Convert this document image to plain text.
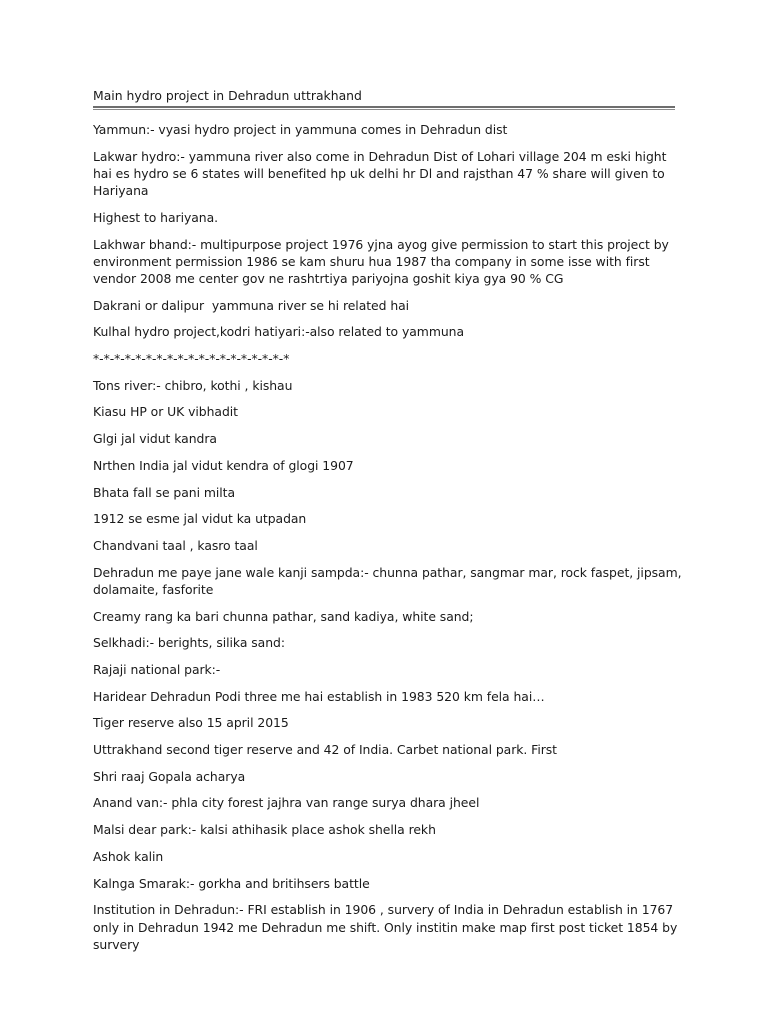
Main hydro project in Dehradun uttrakhand

Yammun:- vyasi hydro project in yammuna comes in Dehradun dist

Lakwar hydro:- yammuna river also come in Dehradun Dist of Lohari village 204 m eski hight hai es hydro se 6 states will benefited hp uk delhi hr Dl and rajsthan 47 % share will given to Hariyana

Highest to hariyana.

Lakhwar bhand:- multipurpose project 1976 yjna ayog give permission to start this project by environment permission 1986 se kam shuru hua 1987 tha company in some isse with first vendor 2008 me center gov ne rashtrtiya pariyojna goshit kiya gya 90 % CG

Dakrani or dalipur  yammuna river se hi related hai

Kulhal hydro project,kodri hatiyari:-also related to yammuna

*-*-*-*-*-*-*-*-*-*-*-*-*-*-*-*-*-*-*

Tons river:- chibro, kothi , kishau

Kiasu HP or UK vibhadit

Glgi jal vidut kandra

Nrthen India jal vidut kendra of glogi 1907

Bhata fall se pani milta

1912 se esme jal vidut ka utpadan

Chandvani taal , kasro taal

Dehradun me paye jane wale kanji sampda:- chunna pathar, sangmar mar, rock faspet, jipsam, dolamaite, fasforite

Creamy rang ka bari chunna pathar, sand kadiya, white sand;

Selkhadi:- berights, silika sand:

Rajaji national park:-

Haridear Dehradun Podi three me hai establish in 1983 520 km fela hai…

Tiger reserve also 15 april 2015

Uttrakhand second tiger reserve and 42 of India. Carbet national park. First

Shri raaj Gopala acharya

Anand van:- phla city forest jajhra van range surya dhara jheel

Malsi dear park:- kalsi athihasik place ashok shella rekh

Ashok kalin

Kalnga Smarak:- gorkha and britihsers battle

Institution in Dehradun:- FRI establish in 1906 , survery of India in Dehradun establish in 1767 only in Dehradun 1942 me Dehradun me shift. Only institin make map first post ticket 1854 by survery
